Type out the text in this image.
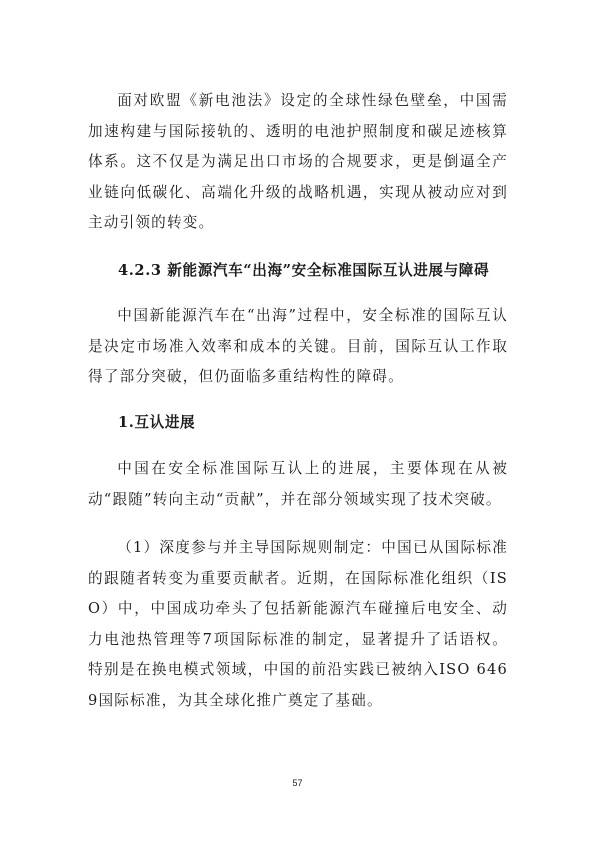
面对欧盟《新电池法》设定的全球性绿色壁垒，中国需加速构建与国际接轨的、透明的电池护照制度和碳足迹核算体系。这不仅是为满足出口市场的合规要求，更是倒逼全产业链向低碳化、高端化升级的战略机遇，实现从被动应对到主动引领的转变。

4.2.3 新能源汽车“出海”安全标准国际互认进展与障碍

中国新能源汽车在“出海”过程中，安全标准的国际互认是决定市场准入效率和成本的关键。目前，国际互认工作取得了部分突破，但仍面临多重结构性的障碍。

1.互认进展

中国在安全标准国际互认上的进展，主要体现在从被动“跟随”转向主动“贡献”，并在部分领域实现了技术突破。

（1）深度参与并主导国际规则制定：中国已从国际标准的跟随者转变为重要贡献者。近期，在国际标准化组织（ISO）中，中国成功牵头了包括新能源汽车碰撞后电安全、动力电池热管理等7项国际标准的制定，显著提升了话语权。特别是在换电模式领域，中国的前沿实践已被纳入ISO 6469国际标准，为其全球化推广奠定了基础。

57
